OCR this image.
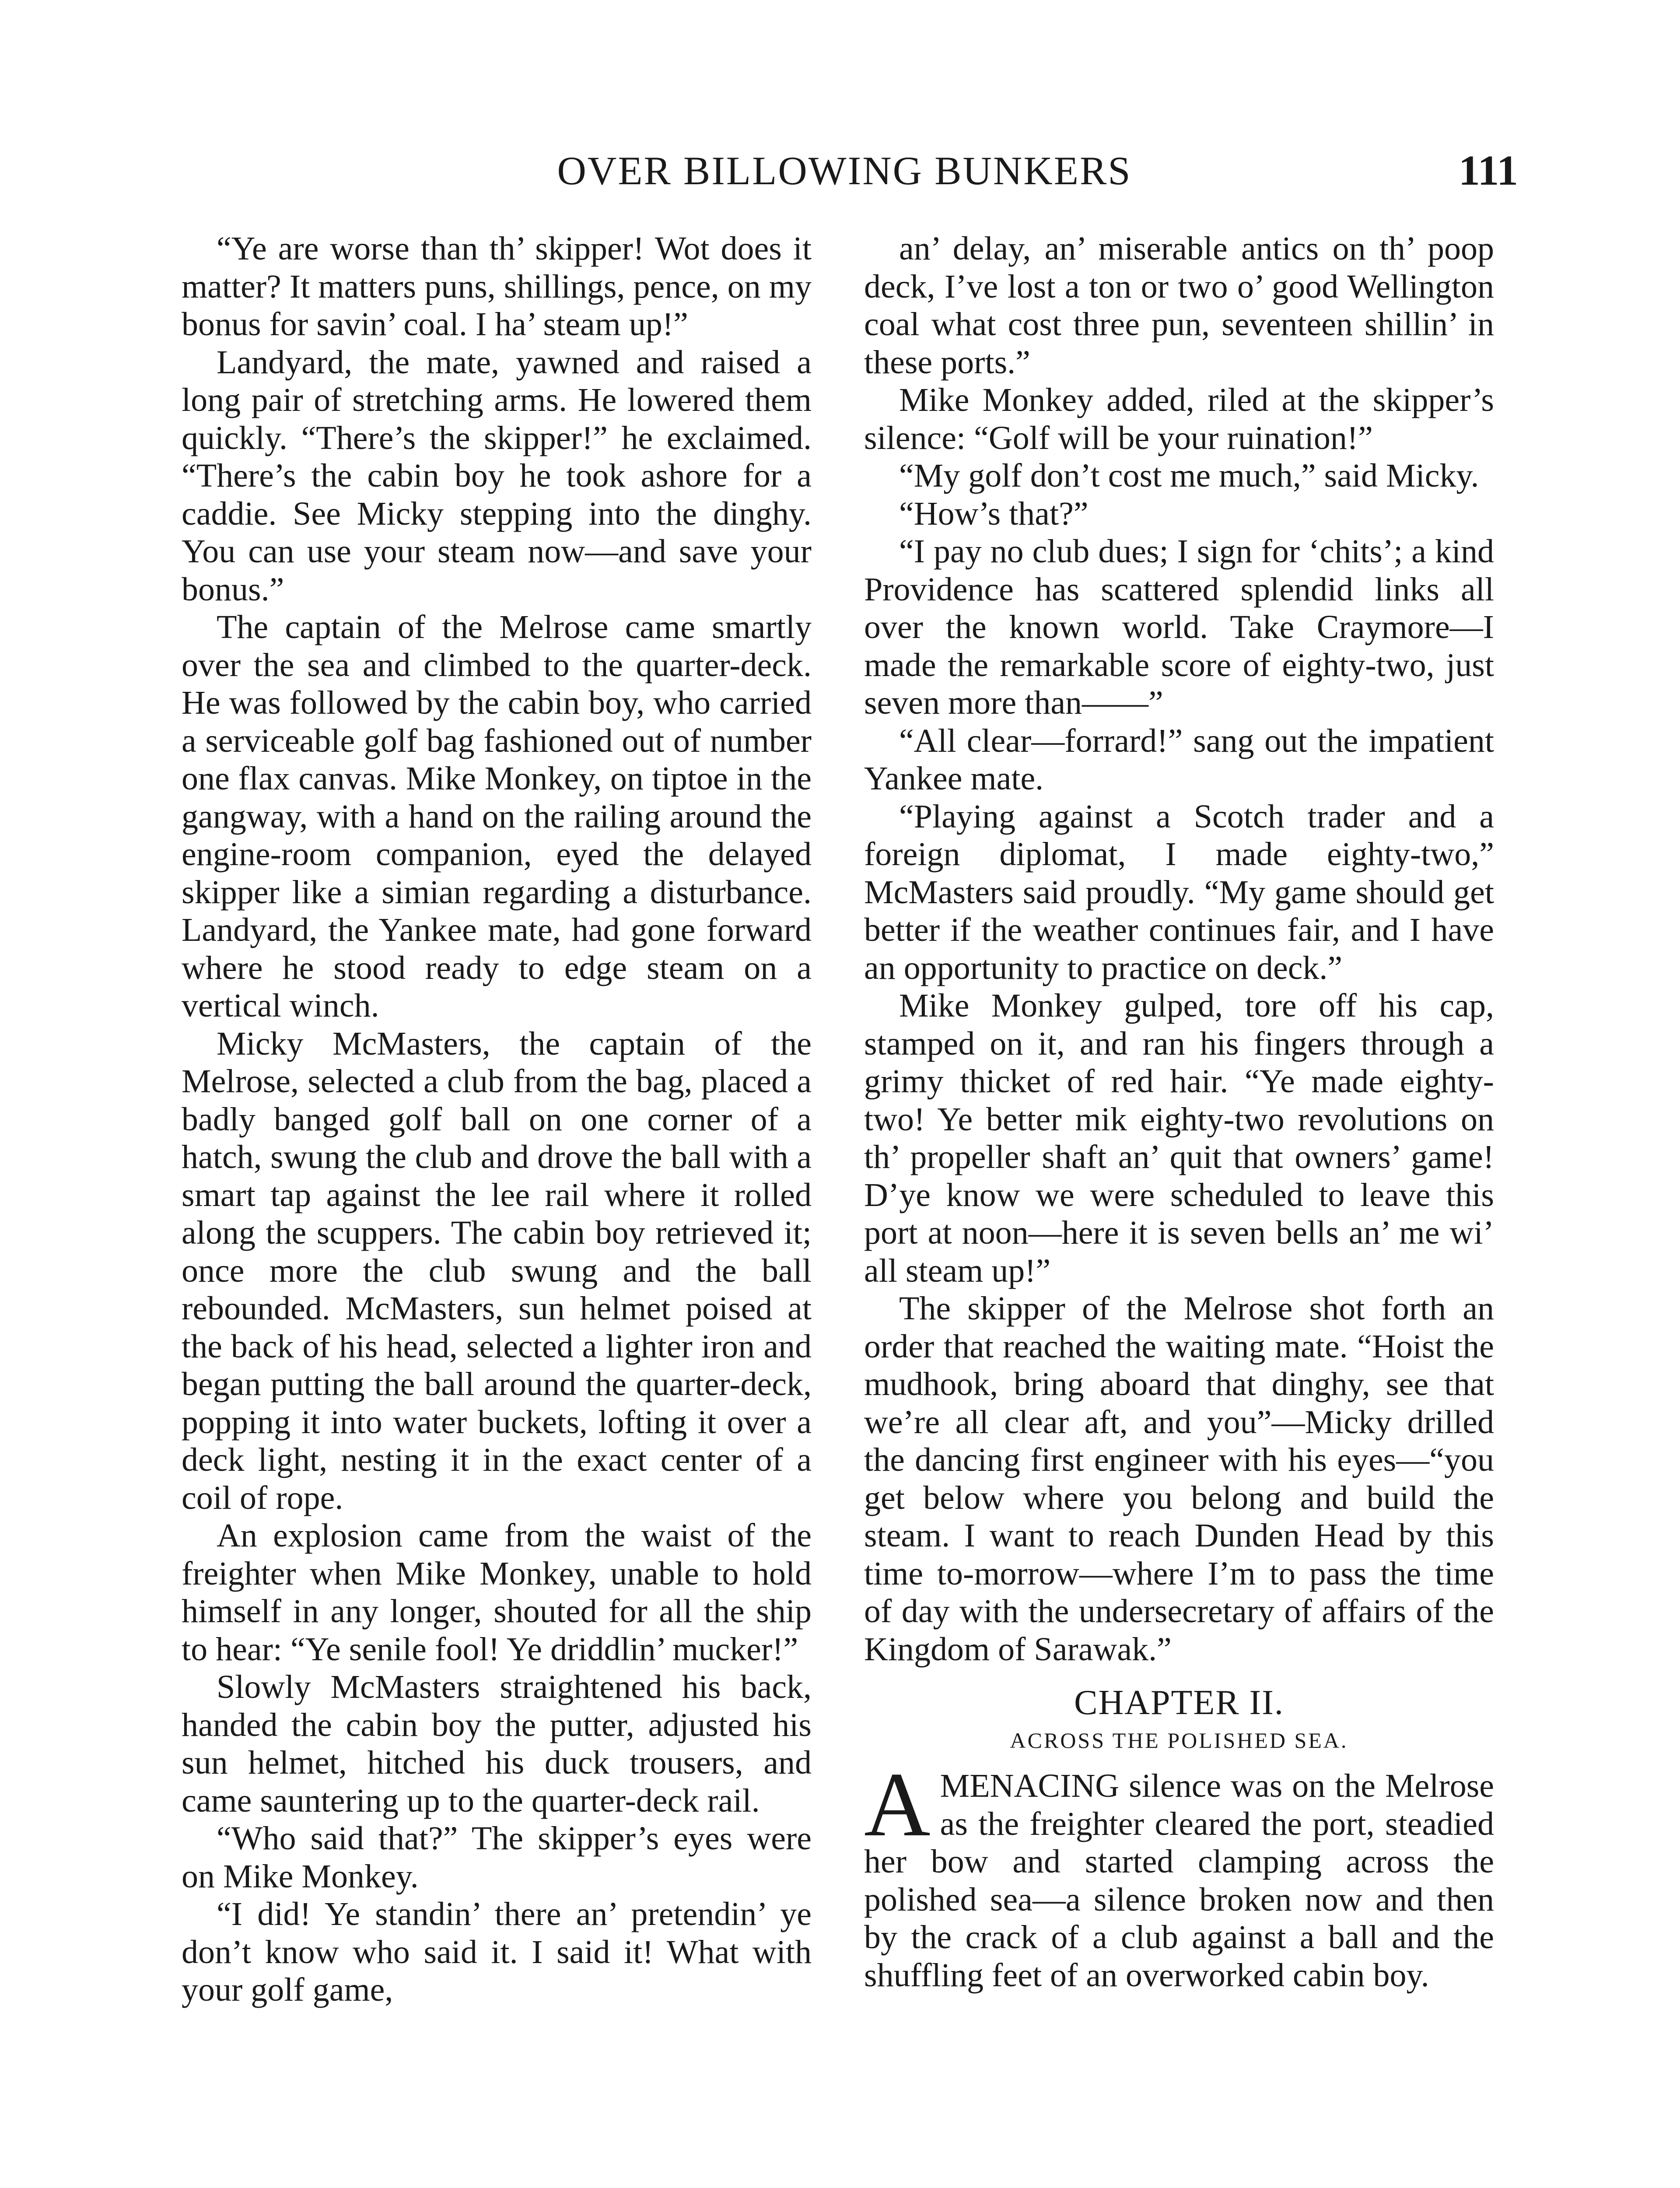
OVER BILLOWING BUNKERS	111

“Ye are worse than th’ skipper! Wot does it matter? It matters puns, shillings, pence, on my bonus for savin’ coal. I ha’ steam up!”

Landyard, the mate, yawned and raised a long pair of stretching arms. He lowered them quickly. “There’s the skipper!” he exclaimed. “There’s the cabin boy he took ashore for a caddie. See Micky stepping into the dinghy. You can use your steam now—and save your bonus.”

The captain of the Melrose came smartly over the sea and climbed to the quarter-deck. He was followed by the cabin boy, who carried a serviceable golf bag fashioned out of number one flax canvas. Mike Monkey, on tiptoe in the gangway, with a hand on the railing around the engine-room companion, eyed the delayed skipper like a simian regarding a disturbance. Landyard, the Yankee mate, had gone forward where he stood ready to edge steam on a vertical winch.

Micky McMasters, the captain of the Melrose, selected a club from the bag, placed a badly banged golf ball on one corner of a hatch, swung the club and drove the ball with a smart tap against the lee rail where it rolled along the scuppers. The cabin boy retrieved it; once more the club swung and the ball rebounded. McMasters, sun helmet poised at the back of his head, selected a lighter iron and began putting the ball around the quarter-deck, popping it into water buckets, lofting it over a deck light, nesting it in the exact center of a coil of rope.

An explosion came from the waist of the freighter when Mike Monkey, unable to hold himself in any longer, shouted for all the ship to hear: “Ye senile fool! Ye driddlin’ mucker!”

Slowly McMasters straightened his back, handed the cabin boy the putter, adjusted his sun helmet, hitched his duck trousers, and came sauntering up to the quarter-deck rail.

“Who said that?” The skipper’s eyes were on Mike Monkey.

“I did! Ye standin’ there an’ pretendin’ ye don’t know who said it. I said it! What with your golf game,

an’ delay, an’ miserable antics on th’ poop deck, I’ve lost a ton or two o’ good Wellington coal what cost three pun, seventeen shillin’ in these ports.”

Mike Monkey added, riled at the skipper’s silence: “Golf will be your ruination!”

“My golf don’t cost me much,” said Micky.

“How’s that?”

“I pay no club dues; I sign for ‘chits’; a kind Providence has scattered splendid links all over the known world. Take Craymore—I made the remarkable score of eighty-two, just seven more than——”

“All clear—forrard!” sang out the impatient Yankee mate.

“Playing against a Scotch trader and a foreign diplomat, I made eighty-two,” McMasters said proudly. “My game should get better if the weather continues fair, and I have an opportunity to practice on deck.”

Mike Monkey gulped, tore off his cap, stamped on it, and ran his fingers through a grimy thicket of red hair. “Ye made eighty-two! Ye better mik eighty-two revolutions on th’ propeller shaft an’ quit that owners’ game! D’ye know we were scheduled to leave this port at noon—here it is seven bells an’ me wi’ all steam up!”

The skipper of the Melrose shot forth an order that reached the waiting mate. “Hoist the mudhook, bring aboard that dinghy, see that we’re all clear aft, and you”—Micky drilled the dancing first engineer with his eyes—“you get below where you belong and build the steam. I want to reach Dunden Head by this time to-morrow—where I’m to pass the time of day with the undersecretary of affairs of the Kingdom of Sarawak.”

CHAPTER II.
ACROSS THE POLISHED SEA.

A MENACING silence was on the Melrose as the freighter cleared the port, steadied her bow and started clamping across the polished sea—a silence broken now and then by the crack of a club against a ball and the shuffling feet of an overworked cabin boy.
